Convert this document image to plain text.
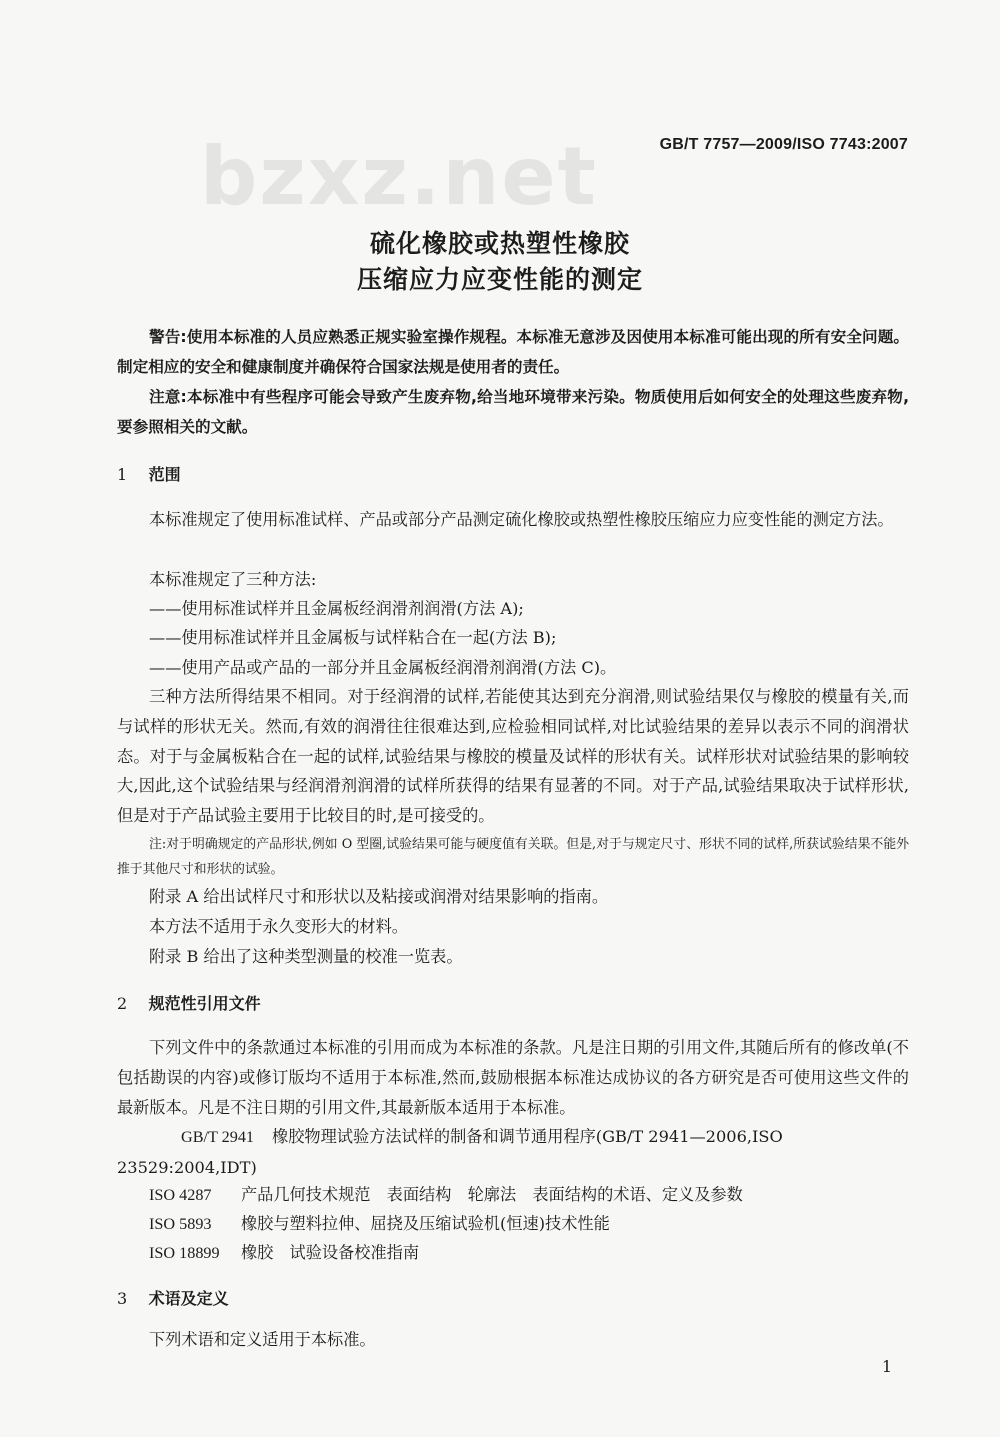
bzxz.net	GB/T 7757—2009/ISO 7743:2007
硫化橡胶或热塑性橡胶
压缩应力应变性能的测定
警告:使用本标准的人员应熟悉正规实验室操作规程。本标准无意涉及因使用本标准可能出现的所有安全问题。制定相应的安全和健康制度并确保符合国家法规是使用者的责任。
注意:本标准中有些程序可能会导致产生废弃物,给当地环境带来污染。物质使用后如何安全的处理这些废弃物,要参照相关的文献。
1 范围
本标准规定了使用标准试样、产品或部分产品测定硫化橡胶或热塑性橡胶压缩应力应变性能的测定方法。
本标准规定了三种方法:
——使用标准试样并且金属板经润滑剂润滑(方法 A);
——使用标准试样并且金属板与试样粘合在一起(方法 B);
——使用产品或产品的一部分并且金属板经润滑剂润滑(方法 C)。
三种方法所得结果不相同。对于经润滑的试样,若能使其达到充分润滑,则试验结果仅与橡胶的模量有关,而与试样的形状无关。然而,有效的润滑往往很难达到,应检验相同试样,对比试验结果的差异以表示不同的润滑状态。对于与金属板粘合在一起的试样,试验结果与橡胶的模量及试样的形状有关。试样形状对试验结果的影响较大,因此,这个试验结果与经润滑剂润滑的试样所获得的结果有显著的不同。对于产品,试验结果取决于试样形状,但是对于产品试验主要用于比较目的时,是可接受的。
注:对于明确规定的产品形状,例如 O 型圈,试验结果可能与硬度值有关联。但是,对于与规定尺寸、形状不同的试样,所获试验结果不能外推于其他尺寸和形状的试验。
附录 A 给出试样尺寸和形状以及粘接或润滑对结果影响的指南。
本方法不适用于永久变形大的材料。
附录 B 给出了这种类型测量的校准一览表。
2 规范性引用文件
下列文件中的条款通过本标准的引用而成为本标准的条款。凡是注日期的引用文件,其随后所有的修改单(不包括勘误的内容)或修订版均不适用于本标准,然而,鼓励根据本标准达成协议的各方研究是否可使用这些文件的最新版本。凡是不注日期的引用文件,其最新版本适用于本标准。
GB/T 2941 橡胶物理试验方法试样的制备和调节通用程序(GB/T 2941—2006,ISO 23529:2004,IDT)
ISO 4287 产品几何技术规范　表面结构　轮廓法　表面结构的术语、定义及参数
ISO 5893 橡胶与塑料拉伸、屈挠及压缩试验机(恒速)技术性能
ISO 18899 橡胶　试验设备校准指南
3 术语及定义
下列术语和定义适用于本标准。
1
